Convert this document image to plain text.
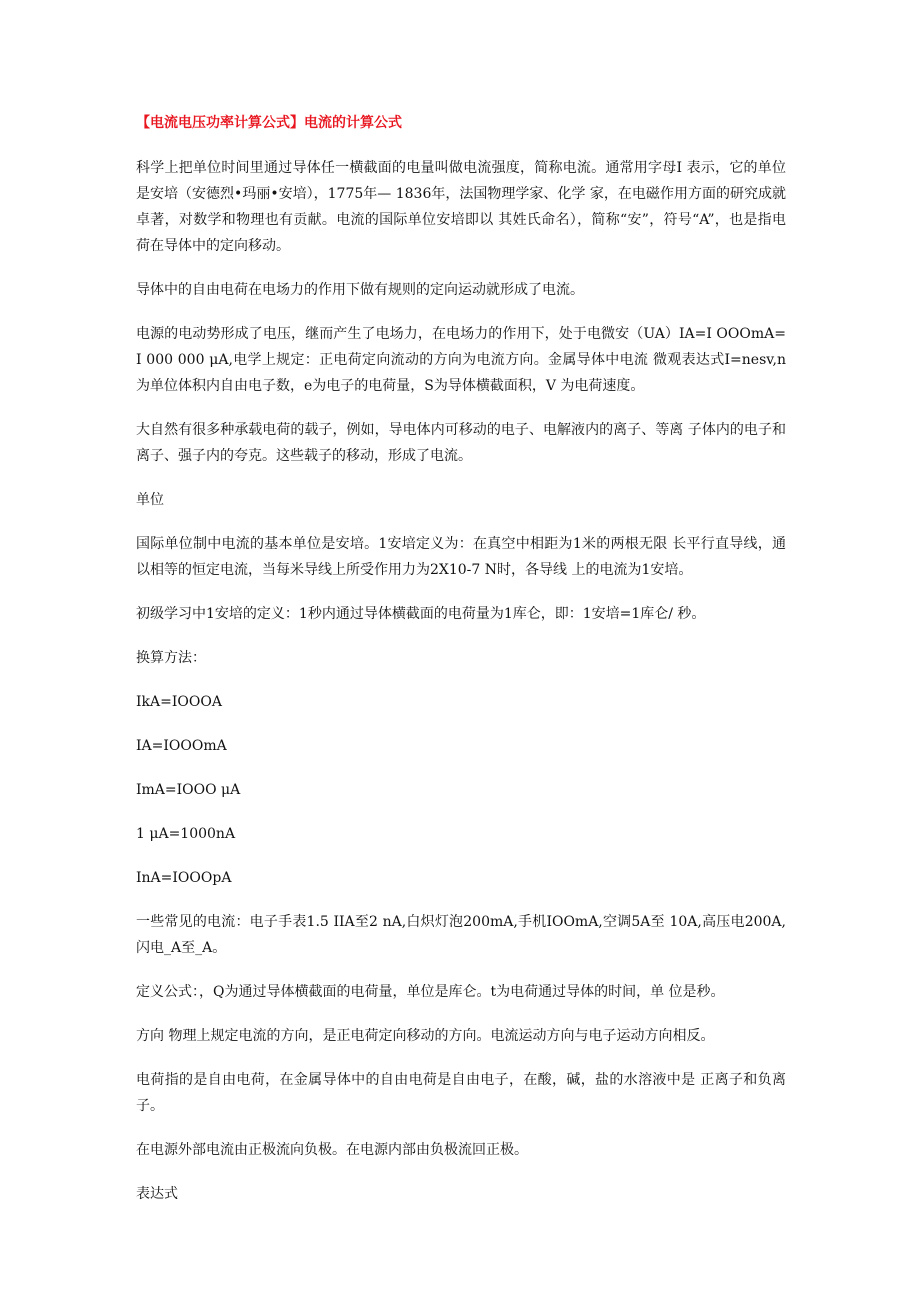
【电流电压功率计算公式】电流的计算公式
科学上把单位时间里通过导体任一横截面的电量叫做电流强度，简称电流。通常用字母I 表示，它的单位是安培（安德烈•玛丽•安培），1775年— 1836年，法国物理学家、化学 家，在电磁作用方面的研究成就卓著，对数学和物理也有贡献。电流的国际单位安培即以 其姓氏命名），简称“安”，符号“A”，也是指电荷在导体中的定向移动。
导体中的自由电荷在电场力的作用下做有规则的定向运动就形成了电流。
电源的电动势形成了电压，继而产生了电场力，在电场力的作用下，处于电微安（UA）IA=I OOOmA=I 000 000 μA,电学上规定：正电荷定向流动的方向为电流方向。金属导体中电流 微观表达式I=nesv,n为单位体积内自由电子数，e为电子的电荷量，S为导体横截面积，V 为电荷速度。
大自然有很多种承载电荷的载子，例如，导电体内可移动的电子、电解液内的离子、等离 子体内的电子和离子、强子内的夸克。这些载子的移动，形成了电流。
单位
国际单位制中电流的基本单位是安培。1安培定义为：在真空中相距为1米的两根无限 长平行直导线，通以相等的恒定电流，当每米导线上所受作用力为2X10-7 N时，各导线 上的电流为1安培。
初级学习中1安培的定义：1秒内通过导体横截面的电荷量为1库仑，即：1安培=1库仑/ 秒。
换算方法：
IkA=IOOOA
IA=IOOOmA
ImA=IOOO μA
1 μA=1000nA
InA=IOOOpA
一些常见的电流：电子手表1.5 IIA至2 nA,白炽灯泡200mA,手机IOOmA,空调5A至 10A,高压电200A,闪电_A至_A。
定义公式：，Q为通过导体横截面的电荷量，单位是库仑。t为电荷通过导体的时间，单 位是秒。
方向 物理上规定电流的方向，是正电荷定向移动的方向。电流运动方向与电子运动方向相反。
电荷指的是自由电荷，在金属导体中的自由电荷是自由电子，在酸，碱，盐的水溶液中是 正离子和负离子。
在电源外部电流由正极流向负极。在电源内部由负极流回正极。
表达式
